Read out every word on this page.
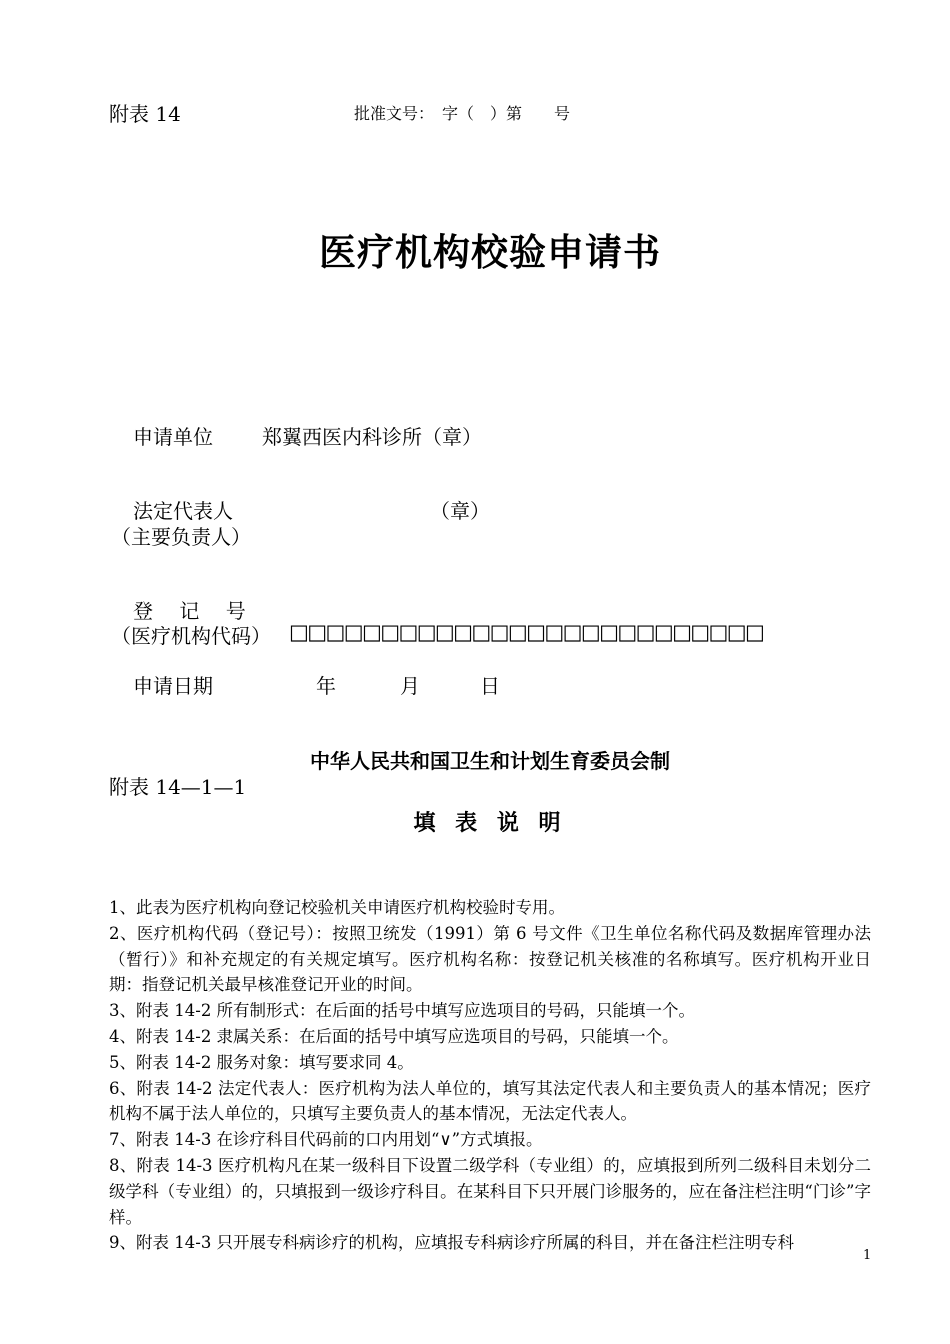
附表 14	批准文号：　字（　）第　　号
医疗机构校验申请书
申请单位 郑翼西医内科诊所（章）
法定代表人	（章）
（主要负责人）
登　 记　 号
（医疗机构代码） □□□□□□□□□□□□□□□□□□□□□□□□□□
申请日期	年	月	日
中华人民共和国卫生和计划生育委员会制
附表 14—1—1
填 表 说 明

1、此表为医疗机构向登记校验机关申请医疗机构校验时专用。

2、医疗机构代码（登记号）：按照卫统发（1991）第 6 号文件《卫生单位名称代码及数据库管理办法（暂行）》和补充规定的有关规定填写。医疗机构名称：按登记机关核准的名称填写。医疗机构开业日期：指登记机关最早核准登记开业的时间。

3、附表 14-2 所有制形式：在后面的括号中填写应选项目的号码，只能填一个。

4、附表 14-2 隶属关系：在后面的括号中填写应选项目的号码，只能填一个。

5、附表 14-2 服务对象：填写要求同 4。

6、附表 14-2 法定代表人：医疗机构为法人单位的，填写其法定代表人和主要负责人的基本情况；医疗机构不属于法人单位的，只填写主要负责人的基本情况，无法定代表人。

7、附表 14-3 在诊疗科目代码前的口内用划“∨”方式填报。

8、附表 14-3 医疗机构凡在某一级科目下设置二级学科（专业组）的，应填报到所列二级科目未划分二级学科（专业组）的，只填报到一级诊疗科目。在某科目下只开展门诊服务的，应在备注栏注明“门诊”字样。

9、附表 14-3 只开展专科病诊疗的机构，应填报专科病诊疗所属的科目，并在备注栏注明专科

1
